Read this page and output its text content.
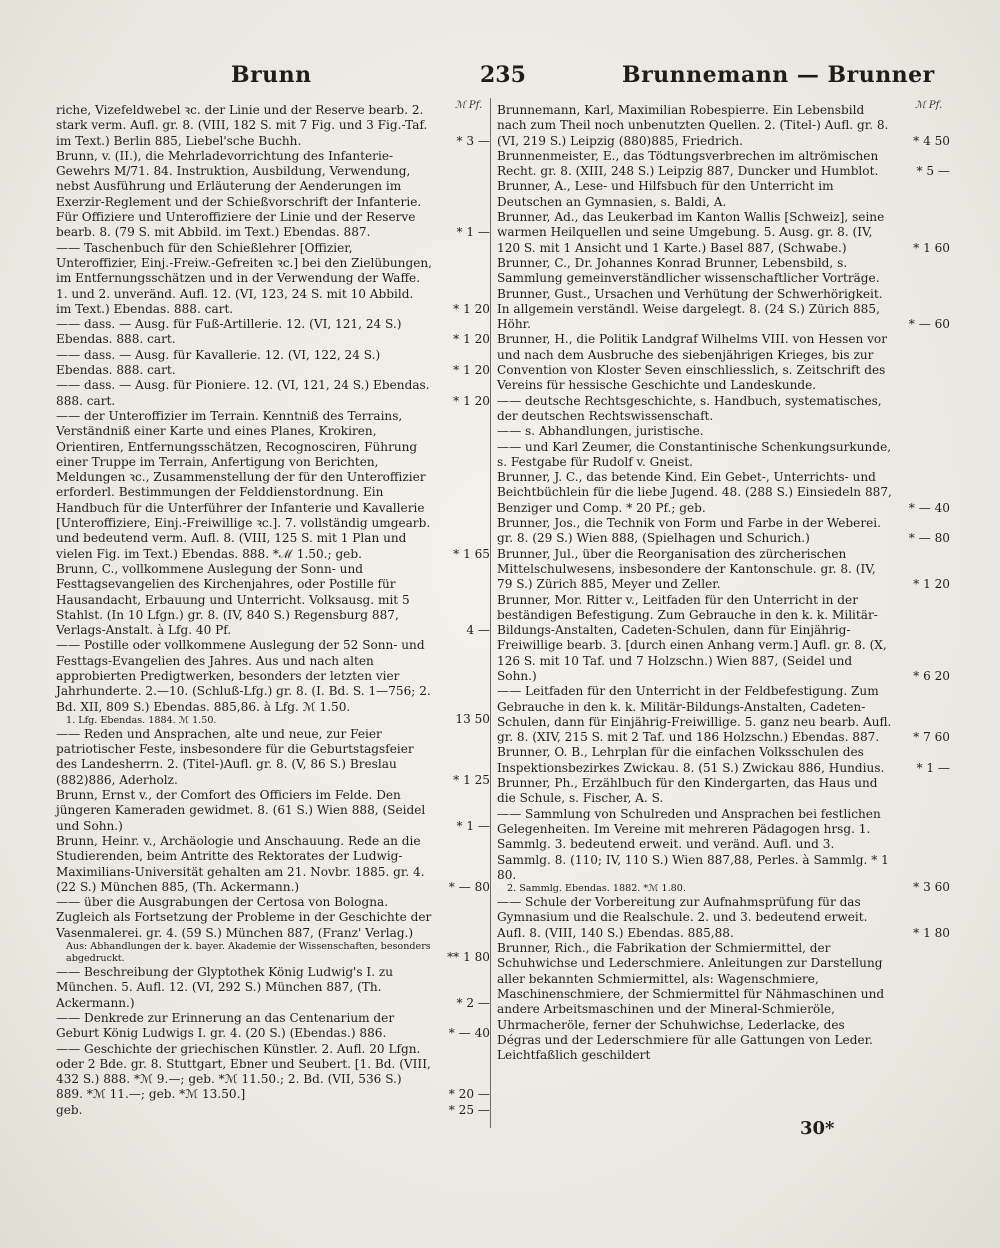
Brunn	235	Brunnemann — Brunner
ℳ Pf.	ℳ Pf.
riche, Vizefeldwebel ꝛc. der Linie und der Reserve bearb. 2. stark verm. Aufl. gr. 8. (VIII, 182 S. mit 7 Fig. und 3 Fig.-Taf. im Text.) Berlin 885, Liebel'sche Buchh.	* 3 —
Brunn, v. (II.), die Mehrladevorrichtung des Infanterie-Gewehrs M/71. 84. Instruktion, Ausbildung, Verwendung, nebst Ausführung und Erläuterung der Aenderungen im Exerzir-Reglement und der Schießvorschrift der Infanterie. Für Offiziere und Unteroffiziere der Linie und der Reserve bearb. 8. (79 S. mit Abbild. im Text.) Ebendas. 887.	* 1 —
—— Taschenbuch für den Schießlehrer [Offizier, Unteroffizier, Einj.-Freiw.-Gefreiten ꝛc.] bei den Zielübungen, im Entfernungsschätzen und in der Verwendung der Waffe. 1. und 2. unveränd. Aufl. 12. (VI, 123, 24 S. mit 10 Abbild. im Text.) Ebendas. 888. cart.	* 1 20
—— dass. — Ausg. für Fuß-Artillerie. 12. (VI, 121, 24 S.) Ebendas. 888. cart.	* 1 20
—— dass. — Ausg. für Kavallerie. 12. (VI, 122, 24 S.) Ebendas. 888. cart.	* 1 20
—— dass. — Ausg. für Pioniere. 12. (VI, 121, 24 S.) Ebendas. 888. cart.	* 1 20
—— der Unteroffizier im Terrain. Kenntniß des Terrains, Verständniß einer Karte und eines Planes, Krokiren, Orientiren, Entfernungsschätzen, Recognosciren, Führung einer Truppe im Terrain, Anfertigung von Berichten, Meldungen ꝛc., Zusammenstellung der für den Unteroffizier erforderl. Bestimmungen der Felddienstordnung. Ein Handbuch für die Unterführer der Infanterie und Kavallerie [Unteroffiziere, Einj.-Freiwillige ꝛc.]. 7. vollständig umgearb. und bedeutend verm. Aufl. 8. (VIII, 125 S. mit 1 Plan und vielen Fig. im Text.) Ebendas. 888. *ℳ 1.50.; geb.	* 1 65
Brunn, C., vollkommene Auslegung der Sonn- und Festtagsevangelien des Kirchenjahres, oder Postille für Hausandacht, Erbauung und Unterricht. Volksausg. mit 5 Stahlst. (In 10 Lfgn.) gr. 8. (IV, 840 S.) Regensburg 887, Verlags-Anstalt. à Lfg. 40 Pf.	4 —
—— Postille oder vollkommene Auslegung der 52 Sonn- und Festtags-Evangelien des Jahres. Aus und nach alten approbierten Predigtwerken, besonders der letzten vier Jahrhunderte. 2.—10. (Schluß-Lfg.) gr. 8. (I. Bd. S. 1—756; 2. Bd. XII, 809 S.) Ebendas. 885,86. à Lfg. ℳ 1.50.
1. Lfg. Ebendas. 1884. ℳ 1.50.	13 50
—— Reden und Ansprachen, alte und neue, zur Feier patriotischer Feste, insbesondere für die Geburtstagsfeier des Landesherrn. 2. (Titel-)Aufl. gr. 8. (V, 86 S.) Breslau (882)886, Aderholz.	* 1 25
Brunn, Ernst v., der Comfort des Officiers im Felde. Den jüngeren Kameraden gewidmet. 8. (61 S.) Wien 888, (Seidel und Sohn.)	* 1 —
Brunn, Heinr. v., Archäologie und Anschauung. Rede an die Studierenden, beim Antritte des Rektorates der Ludwig-Maximilians-Universität gehalten am 21. Novbr. 1885. gr. 4. (22 S.) München 885, (Th. Ackermann.)	* — 80
—— über die Ausgrabungen der Certosa von Bologna. Zugleich als Fortsetzung der Probleme in der Geschichte der Vasenmalerei. gr. 4. (59 S.) München 887, (Franz' Verlag.)
Aus: Abhandlungen der k. bayer. Akademie der Wissenschaften, besonders abgedruckt.	** 1 80
—— Beschreibung der Glyptothek König Ludwig's I. zu München. 5. Aufl. 12. (VI, 292 S.) München 887, (Th. Ackermann.)	* 2 —
—— Denkrede zur Erinnerung an das Centenarium der Geburt König Ludwigs I. gr. 4. (20 S.) (Ebendas.) 886.	* — 40
—— Geschichte der griechischen Künstler. 2. Aufl. 20 Lfgn. oder 2 Bde. gr. 8. Stuttgart, Ebner und Seubert. [1. Bd. (VIII, 432 S.) 888. *ℳ 9.—; geb. *ℳ 11.50.; 2. Bd. (VII, 536 S.) 889. *ℳ 11.—; geb. *ℳ 13.50.]	* 20 —
geb.	* 25 —
Brunnemann, Karl, Maximilian Robespierre. Ein Lebensbild nach zum Theil noch unbenutzten Quellen. 2. (Titel-) Aufl. gr. 8. (VI, 219 S.) Leipzig (880)885, Friedrich.	* 4 50
Brunnenmeister, E., das Tödtungsverbrechen im altrömischen Recht. gr. 8. (XIII, 248 S.) Leipzig 887, Duncker und Humblot.	* 5 —
Brunner, A., Lese- und Hilfsbuch für den Unterricht im Deutschen an Gymnasien, s. Baldi, A.
Brunner, Ad., das Leukerbad im Kanton Wallis [Schweiz], seine warmen Heilquellen und seine Umgebung. 5. Ausg. gr. 8. (IV, 120 S. mit 1 Ansicht und 1 Karte.) Basel 887, (Schwabe.)	* 1 60
Brunner, C., Dr. Johannes Konrad Brunner, Lebensbild, s. Sammlung gemeinverständlicher wissenschaftlicher Vorträge.
Brunner, Gust., Ursachen und Verhütung der Schwerhörigkeit. In allgemein verständl. Weise dargelegt. 8. (24 S.) Zürich 885, Höhr.	* — 60
Brunner, H., die Politik Landgraf Wilhelms VIII. von Hessen vor und nach dem Ausbruche des siebenjährigen Krieges, bis zur Convention von Kloster Seven einschliesslich, s. Zeitschrift des Vereins für hessische Geschichte und Landeskunde.
—— deutsche Rechtsgeschichte, s. Handbuch, systematisches, der deutschen Rechtswissenschaft.
—— s. Abhandlungen, juristische.
—— und Karl Zeumer, die Constantinische Schenkungsurkunde, s. Festgabe für Rudolf v. Gneist.
Brunner, J. C., das betende Kind. Ein Gebet-, Unterrichts- und Beichtbüchlein für die liebe Jugend. 48. (288 S.) Einsiedeln 887, Benziger und Comp. * 20 Pf.; geb.	* — 40
Brunner, Jos., die Technik von Form und Farbe in der Weberei. gr. 8. (29 S.) Wien 888, (Spielhagen und Schurich.)	* — 80
Brunner, Jul., über die Reorganisation des zürcherischen Mittelschulwesens, insbesondere der Kantonschule. gr. 8. (IV, 79 S.) Zürich 885, Meyer und Zeller.	* 1 20
Brunner, Mor. Ritter v., Leitfaden für den Unterricht in der beständigen Befestigung. Zum Gebrauche in den k. k. Militär-Bildungs-Anstalten, Cadeten-Schulen, dann für Einjährig-Freiwillige bearb. 3. [durch einen Anhang verm.] Aufl. gr. 8. (X, 126 S. mit 10 Taf. und 7 Holzschn.) Wien 887, (Seidel und Sohn.)	* 6 20
—— Leitfaden für den Unterricht in der Feldbefestigung. Zum Gebrauche in den k. k. Militär-Bildungs-Anstalten, Cadeten-Schulen, dann für Einjährig-Freiwillige. 5. ganz neu bearb. Aufl. gr. 8. (XIV, 215 S. mit 2 Taf. und 186 Holzschn.) Ebendas. 887.	* 7 60
Brunner, O. B., Lehrplan für die einfachen Volksschulen des Inspektionsbezirkes Zwickau. 8. (51 S.) Zwickau 886, Hundius.	* 1 —
Brunner, Ph., Erzählbuch für den Kindergarten, das Haus und die Schule, s. Fischer, A. S.
—— Sammlung von Schulreden und Ansprachen bei festlichen Gelegenheiten. Im Vereine mit mehreren Pädagogen hrsg. 1. Sammlg. 3. bedeutend erweit. und veränd. Aufl. und 3. Sammlg. 8. (110; IV, 110 S.) Wien 887,88, Perles. à Sammlg. * 1 80.
2. Sammlg. Ebendas. 1882. *ℳ 1.80.	* 3 60
—— Schule der Vorbereitung zur Aufnahmsprüfung für das Gymnasium und die Realschule. 2. und 3. bedeutend erweit. Aufl. 8. (VIII, 140 S.) Ebendas. 885,88.	* 1 80
Brunner, Rich., die Fabrikation der Schmiermittel, der Schuhwichse und Lederschmiere. Anleitungen zur Darstellung aller bekannten Schmiermittel, als: Wagenschmiere, Maschinenschmiere, der Schmiermittel für Nähmaschinen und andere Arbeitsmaschinen und der Mineral-Schmieröle, Uhrmacheröle, ferner der Schuhwichse, Lederlacke, des Dégras und der Lederschmiere für alle Gattungen von Leder. Leichtfaßlich geschildert
30*
